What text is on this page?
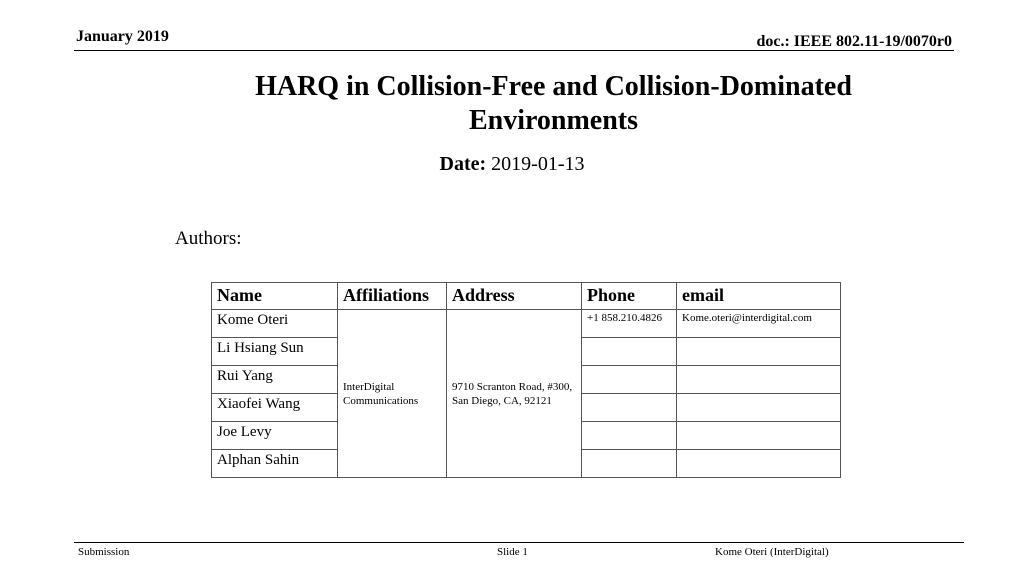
January 2019	doc.: IEEE 802.11-19/0070r0
HARQ in Collision-Free and Collision-Dominated
Environments
Date: 2019-01-13
Authors:
Name	Affiliations	Address	Phone	email
Kome Oteri	InterDigital Communications	9710 Scranton Road, #300, San Diego, CA, 92121	+1 858.210.4826	Kome.oteri@interdigital.com
Li Hsiang Sun				
Rui Yang				
Xiaofei Wang				
Joe Levy				
Alphan Sahin				
Submission	Slide 1	Kome Oteri (InterDigital)
